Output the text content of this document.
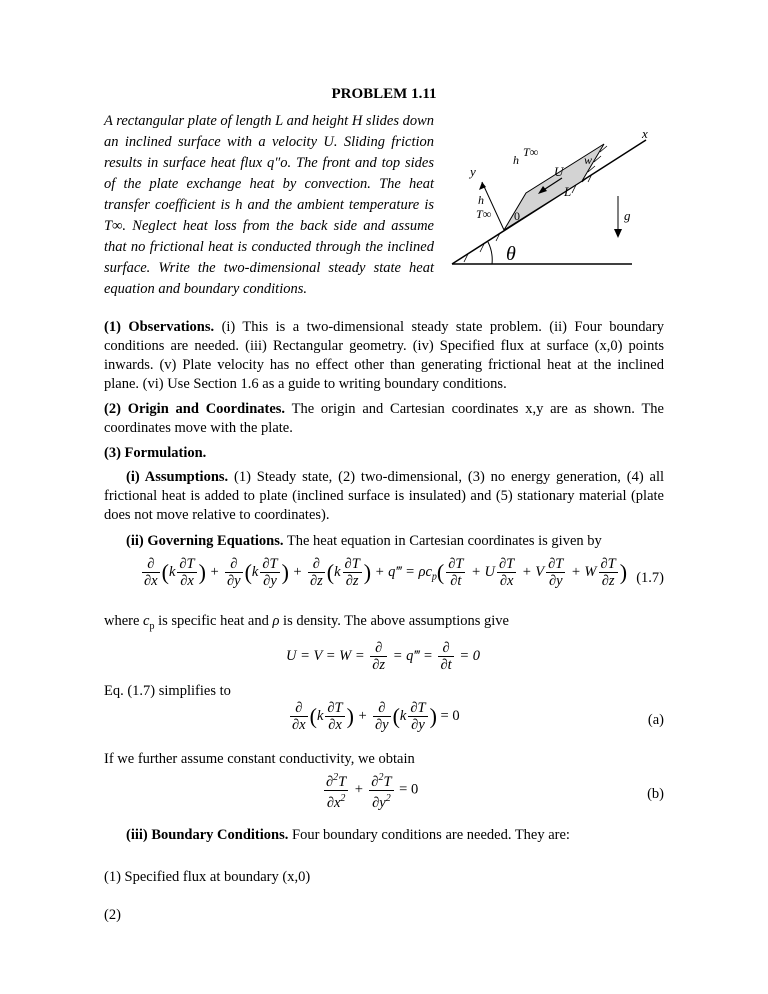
PROBLEM 1.11
A rectangular plate of length L and height H slides down an inclined surface with a velocity U. Sliding friction results in surface heat flux q″o. The front and top sides of the plate exchange heat by convection. The heat transfer coefficient is h and the ambient temperature is T∞. Neglect heat loss from the back side and assume that no frictional heat is conducted through the inclined surface. Write the two-dimensional steady state heat equation and boundary conditions.
x
y
h
T∞
w
U
L
h
T∞ 0	g
θ
(1) Observations. (i) This is a two-dimensional steady state problem. (ii) Four boundary conditions are needed. (iii) Rectangular geometry. (iv) Specified flux at surface (x,0) points inwards. (v) Plate velocity has no effect other than generating frictional heat at the inclined plane. (vi) Use Section 1.6 as a guide to writing boundary conditions.
(2) Origin and Coordinates. The origin and Cartesian coordinates x,y are as shown. The coordinates move with the plate.
(3) Formulation.
(i) Assumptions. (1) Steady state, (2) two-dimensional, (3) no energy generation, (4) all frictional heat is added to plate (inclined surface is insulated) and (5) stationary material (plate does not move relative to coordinates).
(ii) Governing Equations. The heat equation in Cartesian coordinates is given by
$\frac{\partial}{\partial x} (k \frac{\partial T}{\partial x}$ ) + $\frac{\partial}{\partial y} (k \frac{\partial T}{\partial y}$ ) + $\frac{\partial}{\partial z} (k \frac{\partial T}{\partial z}$ ) + q‴ = $\rho c_p( \frac{\partial T}{\partial t} + U \frac{\partial T}{\partial x} + V \frac{\partial T}{\partial y} + W \frac{\partial T}{\partial z}$ ) (1.7)
where $c_p$ is specific heat and ρ is density. The above assumptions give
$U = V = W = \frac{\partial}{\partial z}$ = q‴ = $\frac{\partial}{\partial t} = 0$
Eq. (1.7) simplifies to
$\frac{\partial}{\partial x} (k \frac{\partial T}{\partial x}$ ) + $\frac{\partial}{\partial y} (k \frac{\partial T}{\partial y}$ ) = 0	(a)
If we further assume constant conductivity, we obtain
$\frac{\partial^2T}{\partial x^2} + \frac{\partial^2T}{\partial y^2} = 0$	(b)
(iii) Boundary Conditions. Four boundary conditions are needed. They are:
(1) Specified flux at boundary (x,0)
(2)
